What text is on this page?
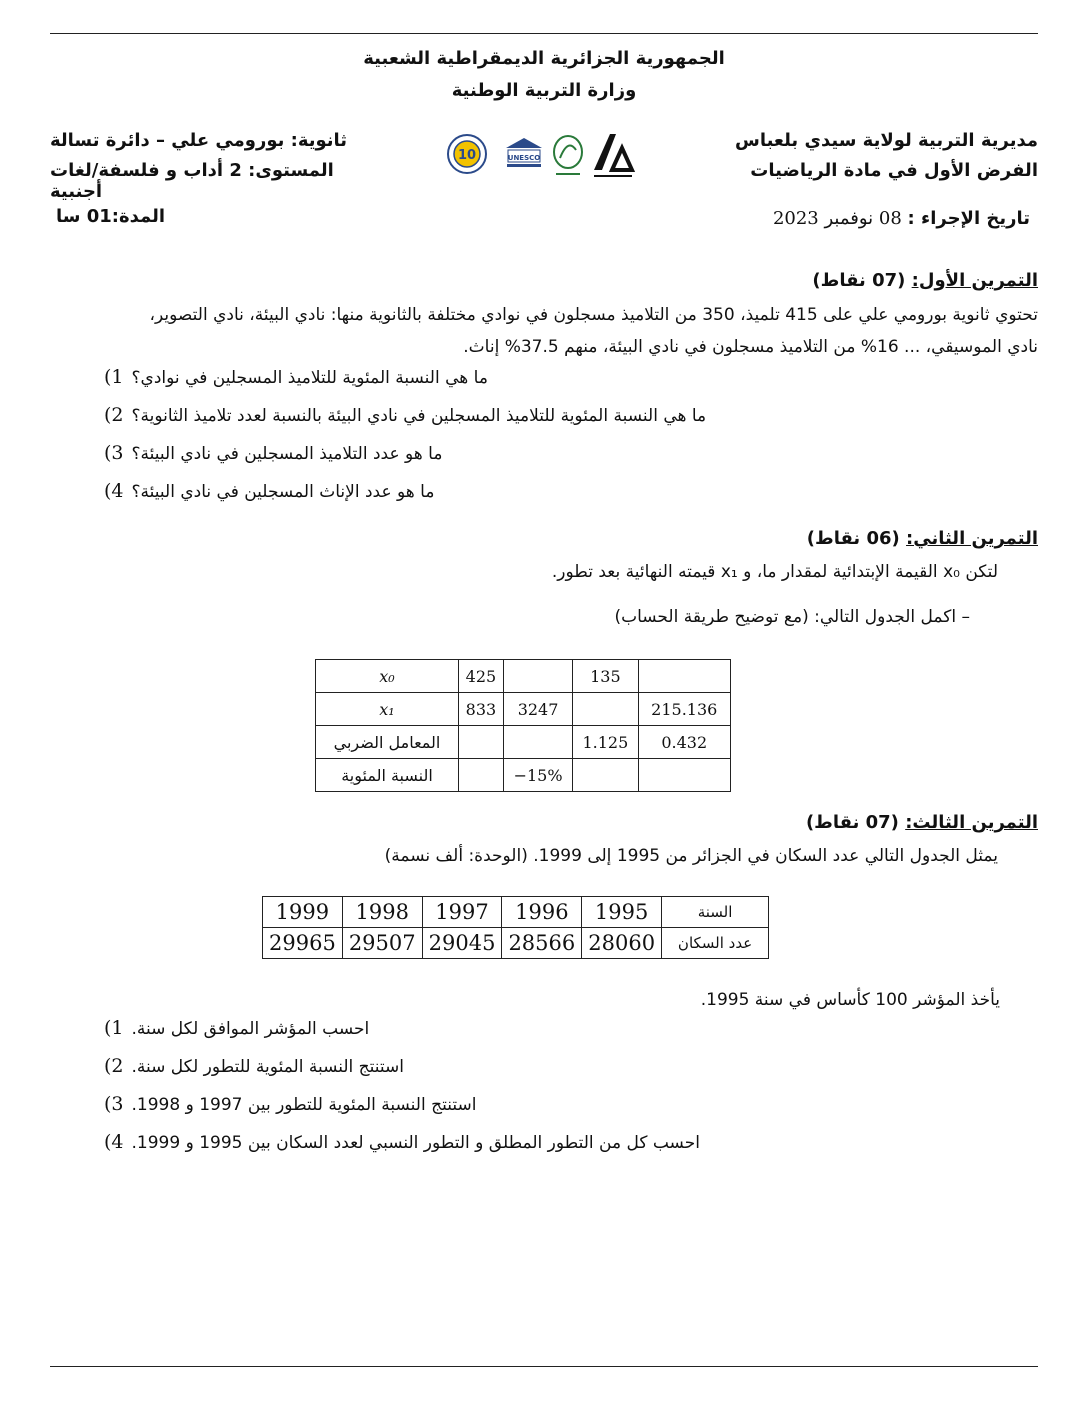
الجمهورية الجزائرية الديمقراطية الشعبية
وزارة التربية الوطنية
مديرية التربية لولاية سيدي بلعباس
الفرض الأول في مادة الرياضيات
ثانوية: بورومي علي – دائرة تسالة
المستوى: 2 أداب و فلسفة/لغات أجنبية
10	UNESCO
تاريخ الإجراء : 08 نوفمبر 2023
المدة:01 سا
التمرين الأول: (07 نقاط)
تحتوي ثانوية بورومي علي على 415 تلميذ، 350 من التلاميذ مسجلون في نوادي مختلفة بالثانوية منها: نادي البيئة، نادي التصوير،
نادي الموسيقي، ... 16% من التلاميذ مسجلون في نادي البيئة، منهم 37.5% إناث.
1) ما هي النسبة المئوية للتلاميذ المسجلين في نوادي؟
2) ما هي النسبة المئوية للتلاميذ المسجلين في نادي البيئة بالنسبة لعدد تلاميذ الثانوية؟
3) ما هو عدد التلاميذ المسجلين في نادي البيئة؟
4) ما هو عدد الإناث المسجلين في نادي البيئة؟
التمرين الثاني: (06 نقاط)
لتكن x₀ القيمة الإبتدائية لمقدار ما، و x₁ قيمته النهائية بعد تطور.
– اكمل الجدول التالي: (مع توضيح طريقة الحساب)
x₀	425		135	
x₁	833	3247		215.136
المعامل الضربي			1.125	0.432
النسبة المئوية		−15%		
التمرين الثالث: (07 نقاط)
يمثل الجدول التالي عدد السكان في الجزائر من 1995 إلى 1999. (الوحدة: ألف نسمة)
1999	1998	1997	1996	1995	السنة
29965	29507	29045	28566	28060	عدد السكان
يأخذ المؤشر 100 كأساس في سنة 1995.
1) احسب المؤشر الموافق لكل سنة.
2) استنتج النسبة المئوية للتطور لكل سنة.
3) استنتج النسبة المئوية للتطور بين 1997 و 1998.
4) احسب كل من التطور المطلق و التطور النسبي لعدد السكان بين 1995 و 1999.
